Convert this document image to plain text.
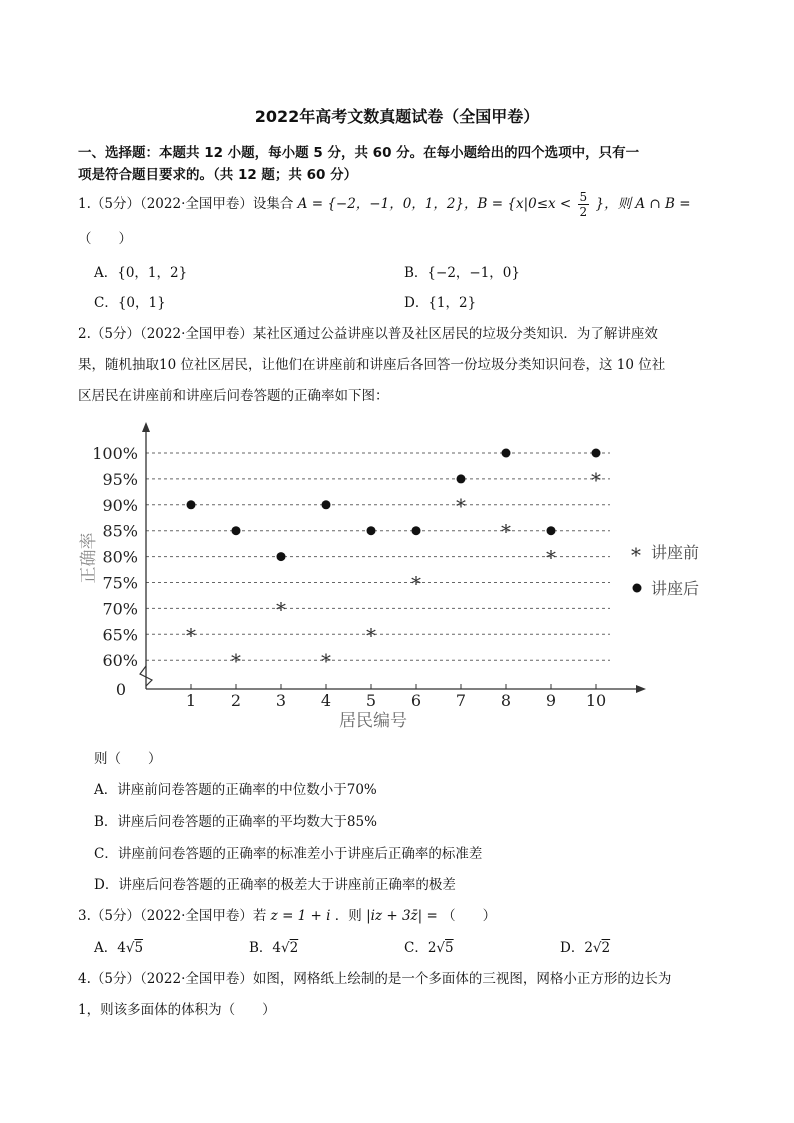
2022年高考文数真题试卷（全国甲卷）
一、选择题：本题共 12 小题，每小题 5 分，共 60 分。在每小题给出的四个选项中，只有一
项是符合题目要求的。（共 12 题；共 60 分）
1.（5分）（2022·全国甲卷）设集合 A = {−2，−1，0，1，2}，$B = \{x|0\le x < \frac{5}{2}$ }，则 A ∩ B =
（　　）
A．{0，1，2}	B．{−2，−1，0}
C．{0，1}	D．{1，2}
2.（5分）（2022·全国甲卷）某社区通过公益讲座以普及社区居民的垃圾分类知识．为了解讲座效
果，随机抽取10 位社区居民，让他们在讲座前和讲座后各回答一份垃圾分类知识问卷，这 10 位社
区居民在讲座前和讲座后问卷答题的正确率如下图：
100%
95%
90%
85%
80%
75%
70%
65%
60%
0
1 2 3 4 5 6 7 8 9 10
*
*
*
*
*
*
*
*
*
*
正确率
居民编号
* 讲座前
讲座后
则（　　）
A．讲座前问卷答题的正确率的中位数小于70%
B．讲座后问卷答题的正确率的平均数大于85%
C．讲座前问卷答题的正确率的标准差小于讲座后正确率的标准差
D．讲座后问卷答题的正确率的极差大于讲座前正确率的极差
3.（5分）（2022·全国甲卷）若 z = 1 + i ．则 |iz + 3z̄| = （　　）
A．4√5	B．4√2	C．2√5	D．2√2
4.（5分）（2022·全国甲卷）如图，网格纸上绘制的是一个多面体的三视图，网格小正方形的边长为
1，则该多面体的体积为（　　）
